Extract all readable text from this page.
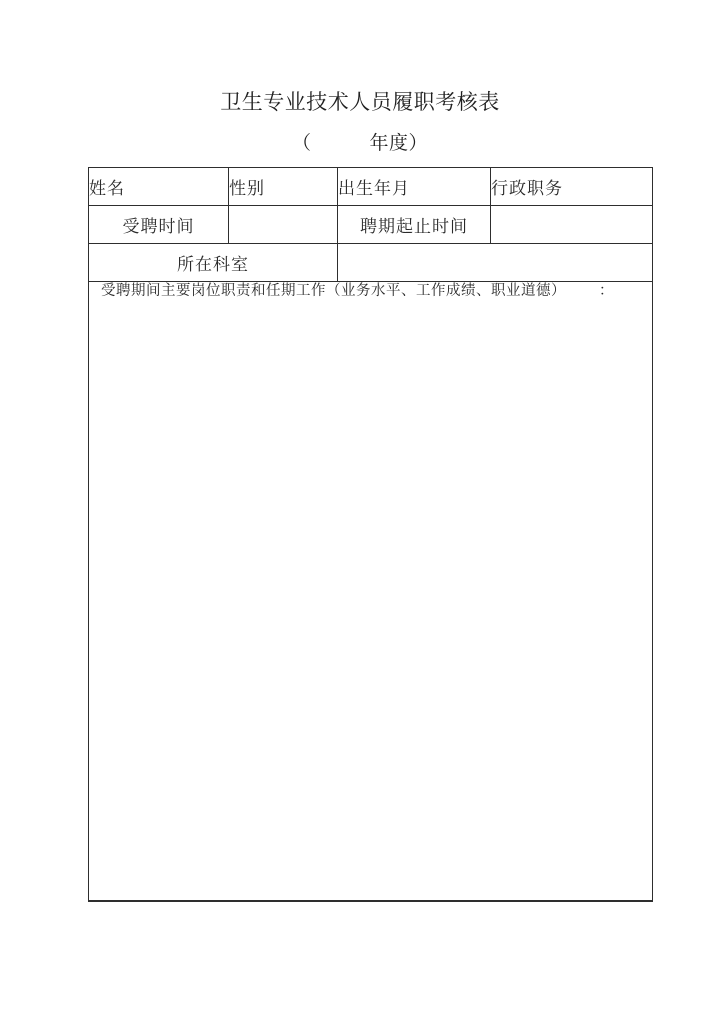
卫生专业技术人员履职考核表
（	年度）
姓名	性别	出生年月	行政职务
受聘时间		聘期起止时间	
所在科室			

受聘期间主要岗位职责和任期工作（业务水平、工作成绩、职业道德） ：			
